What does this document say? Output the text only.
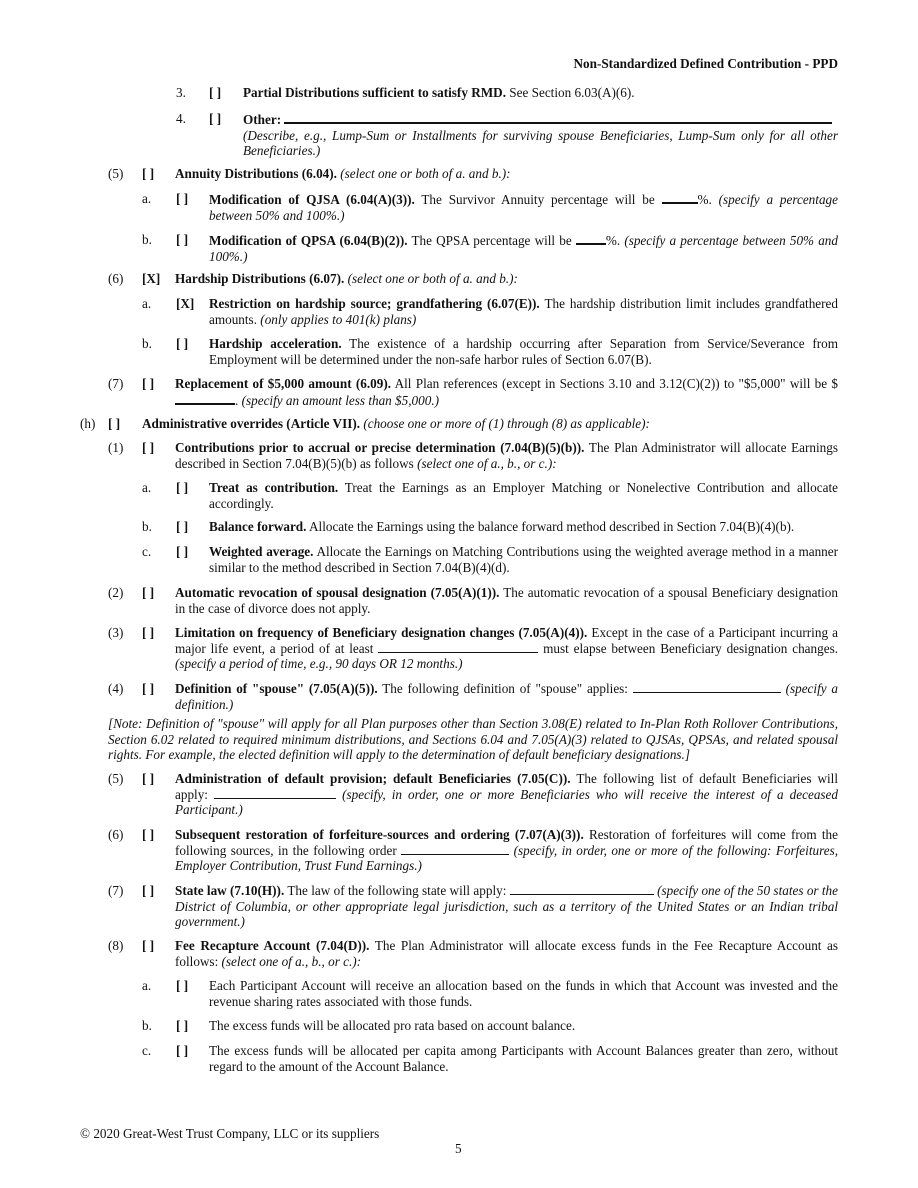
Non-Standardized Defined Contribution - PPD
3. [ ] Partial Distributions sufficient to satisfy RMD. See Section 6.03(A)(6).
4. [ ] Other:
(Describe, e.g., Lump-Sum or Installments for surviving spouse Beneficiaries, Lump-Sum only for all other Beneficiaries.)
(5) [ ] Annuity Distributions (6.04). (select one or both of a. and b.):
a. [ ] Modification of QJSA (6.04(A)(3)). The Survivor Annuity percentage will be	%. (specify a percentage between 50% and 100%.)
b. [ ] Modification of QPSA (6.04(B)(2)). The QPSA percentage will be %. (specify a percentage between 50% and 100%.)
(6) [X] Hardship Distributions (6.07). (select one or both of a. and b.):
a. [X] Restriction on hardship source; grandfathering (6.07(E)). The hardship distribution limit includes grandfathered amounts. (only applies to 401(k) plans)
b. [ ] Hardship acceleration. The existence of a hardship occurring after Separation from Service/Severance from Employment will be determined under the non-safe harbor rules of Section 6.07(B).
(7) [ ] Replacement of $5,000 amount (6.09). All Plan references (except in Sections 3.10 and 3.12(C)(2)) to "$5,000" will be $. (specify an amount less than $5,000.)
(h) [ ] Administrative overrides (Article VII). (choose one or more of (1) through (8) as applicable):
(1) [ ] Contributions prior to accrual or precise determination (7.04(B)(5)(b)). The Plan Administrator will allocate Earnings described in Section 7.04(B)(5)(b) as follows (select one of a., b., or c.):
a. [ ] Treat as contribution. Treat the Earnings as an Employer Matching or Nonelective Contribution and allocate accordingly.
b. [ ] Balance forward. Allocate the Earnings using the balance forward method described in Section 7.04(B)(4)(b).
c. [ ] Weighted average. Allocate the Earnings on Matching Contributions using the weighted average method in a manner similar to the method described in Section 7.04(B)(4)(d).
(2) [ ] Automatic revocation of spousal designation (7.05(A)(1)). The automatic revocation of a spousal Beneficiary designation in the case of divorce does not apply.
(3) [ ] Limitation on frequency of Beneficiary designation changes (7.05(A)(4)). Except in the case of a Participant incurring a major life event, a period of at least	must elapse between Beneficiary designation changes. (specify a period of time, e.g., 90 days OR 12 months.)
(4) [ ] Definition of "spouse" (7.05(A)(5)). The following definition of "spouse" applies:	(specify a definition.)
[Note: Definition of "spouse" will apply for all Plan purposes other than Section 3.08(E) related to In-Plan Roth Rollover Contributions, Section 6.02 related to required minimum distributions, and Sections 6.04 and 7.05(A)(3) related to QJSAs, QPSAs, and related spousal rights. For example, the elected definition will apply to the determination of default beneficiary designations.]
(5) [ ] Administration of default provision; default Beneficiaries (7.05(C)). The following list of default Beneficiaries will apply:	(specify, in order, one or more Beneficiaries who will receive the interest of a deceased Participant.)
(6) [ ] Subsequent restoration of forfeiture-sources and ordering (7.07(A)(3)). Restoration of forfeitures will come from the following sources, in the following order	(specify, in order, one or more of the following: Forfeitures, Employer Contribution, Trust Fund Earnings.)
(7) [ ] State law (7.10(H)). The law of the following state will apply:	(specify one of the 50 states or the District of Columbia, or other appropriate legal jurisdiction, such as a territory of the United States or an Indian tribal government.)
(8) [ ] Fee Recapture Account (7.04(D)). The Plan Administrator will allocate excess funds in the Fee Recapture Account as follows: (select one of a., b., or c.):
a. [ ] Each Participant Account will receive an allocation based on the funds in which that Account was invested and the revenue sharing rates associated with those funds.
b. [ ] The excess funds will be allocated pro rata based on account balance.
c. [ ] The excess funds will be allocated per capita among Participants with Account Balances greater than zero, without regard to the amount of the Account Balance.
© 2020 Great-West Trust Company, LLC or its suppliers
5
